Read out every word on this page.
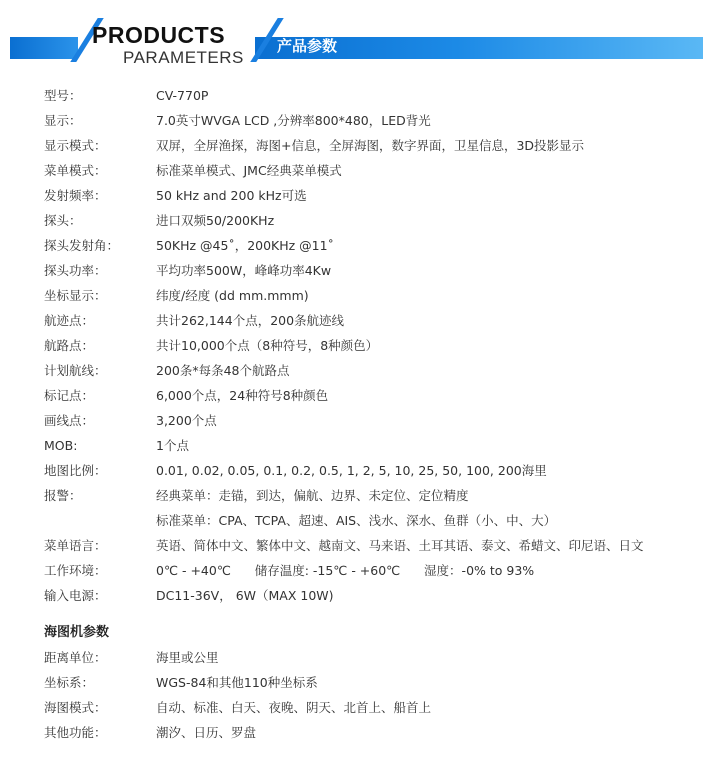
PRODUCTS
PARAMETERS
产品参数
型号：	CV-770P
显示：	7.0英寸WVGA LCD ,分辨率800*480，LED背光
显示模式：	双屏，全屏渔探，海图+信息，全屏海图，数字界面，卫星信息，3D投影显示
菜单模式：	标准菜单模式、JMC经典菜单模式
发射频率：	50 kHz and 200 kHz可选
探头：	进口双频50/200KHz
探头发射角：	50KHz @45˚，200KHz @11˚
探头功率：	平均功率500W，峰峰功率4Kw
坐标显示：	纬度/经度 (dd mm.mmm)
航迹点：	共计262,144个点，200条航迹线
航路点：	共计10,000个点（8种符号，8种颜色）
计划航线：	200条*每条48个航路点
标记点：	6,000个点，24种符号8种颜色
画线点：	3,200个点
MOB:	1个点
地图比例：	0.01, 0.02, 0.05, 0.1, 0.2, 0.5, 1, 2, 5, 10, 25, 50, 100, 200海里
报警：	经典菜单：走锚，到达，偏航、边界、未定位、定位精度
标准菜单：CPA、TCPA、超速、AIS、浅水、深水、鱼群（小、中、大）
菜单语言：	英语、简体中文、繁体中文、越南文、马来语、土耳其语、泰文、希蜡文、印尼语、日文
工作环境：	0℃ - +40℃      储存温度: -15℃ - +60℃      湿度：-0% to 93%
输入电源：	DC11-36V， 6W（MAX 10W)
海图机参数
距离单位：	海里或公里
坐标系：	WGS-84和其他110种坐标系
海图模式：	自动、标准、白天、夜晚、阴天、北首上、船首上
其他功能：	潮汐、日历、罗盘
